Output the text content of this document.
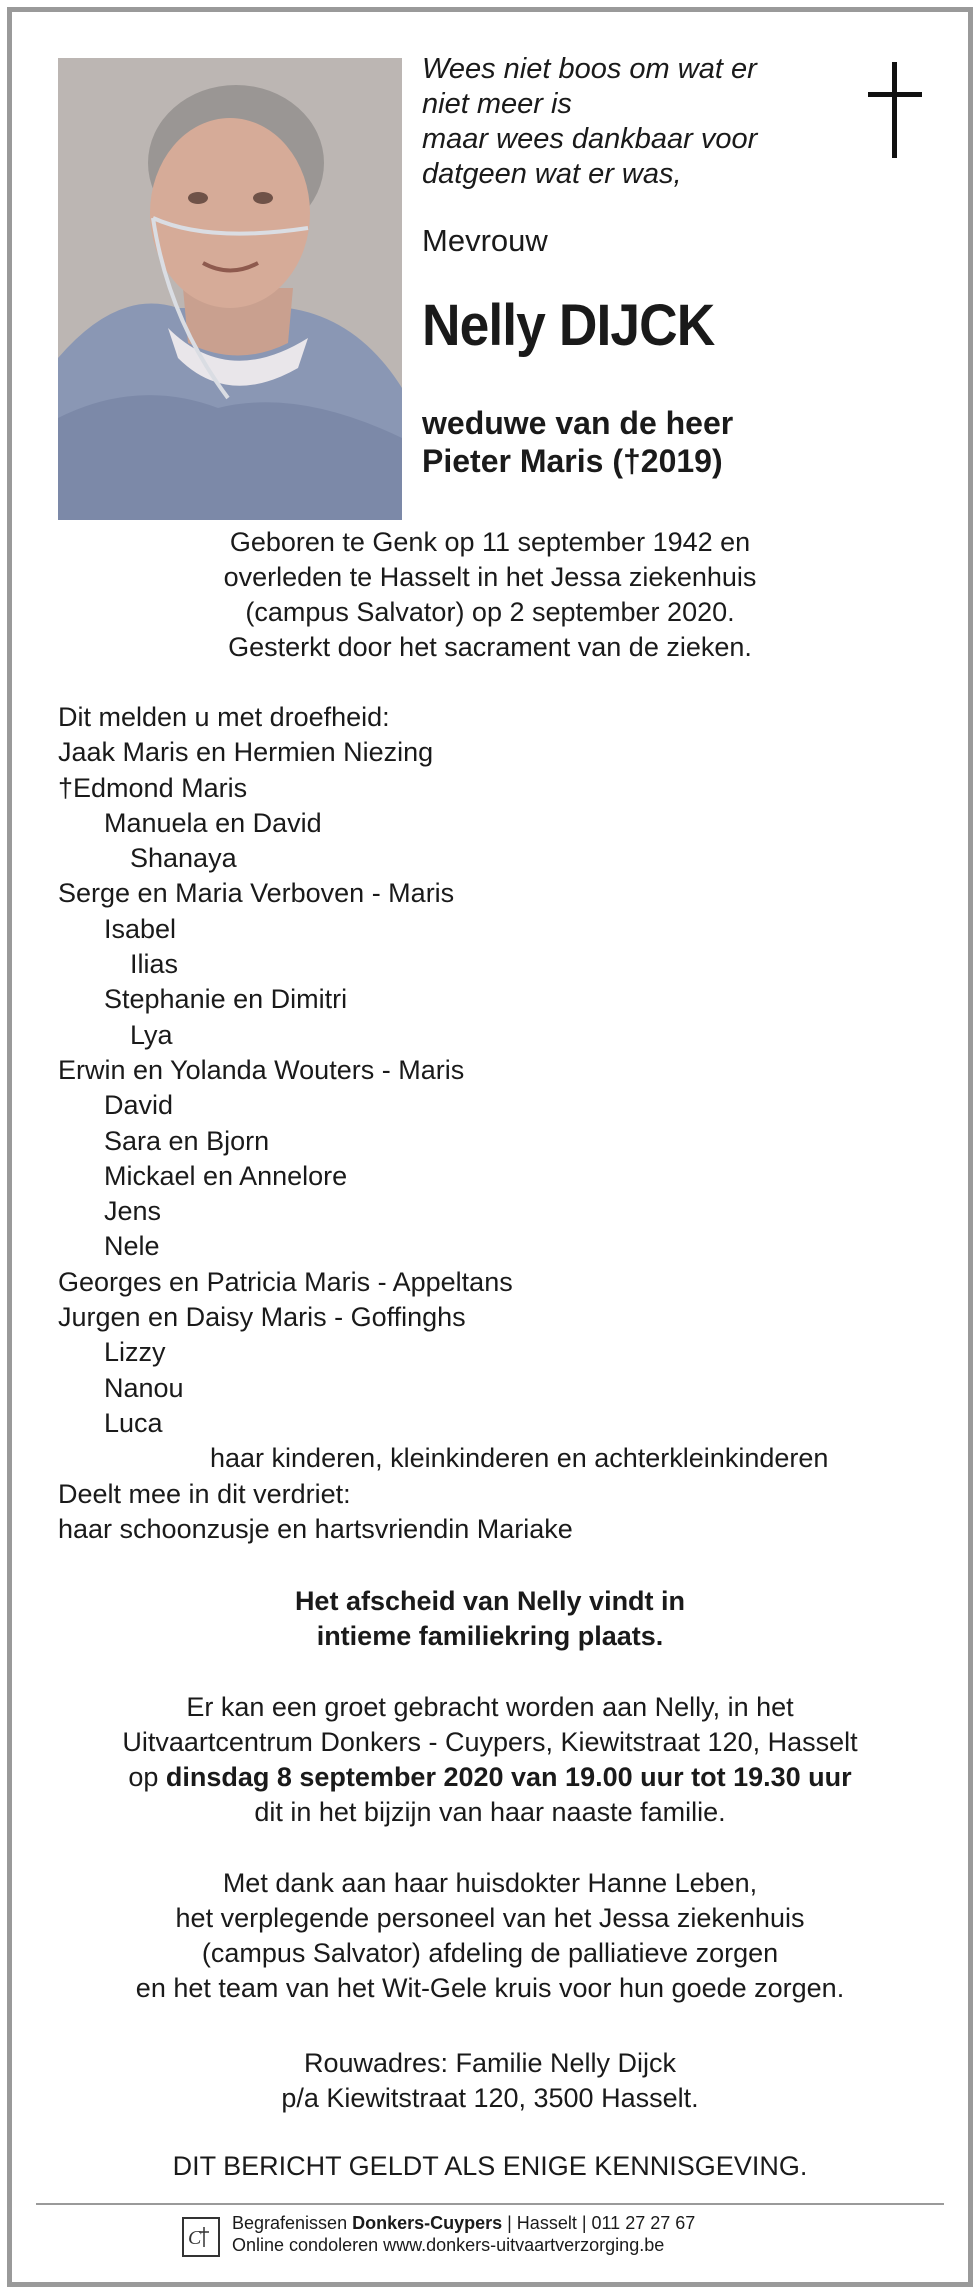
Wees niet boos om wat er
niet meer is
maar wees dankbaar voor
datgeen wat er was,
Mevrouw
Nelly DIJCK
weduwe van de heer
Pieter Maris (†2019)
Geboren te Genk op 11 september 1942 en
overleden te Hasselt in het Jessa ziekenhuis
(campus Salvator) op 2 september 2020.
Gesterkt door het sacrament van de zieken.
Dit melden u met droefheid:
Jaak Maris en Hermien Niezing
†Edmond Maris
Manuela en David
Shanaya
Serge en Maria Verboven - Maris
Isabel
Ilias
Stephanie en Dimitri
Lya
Erwin en Yolanda Wouters - Maris
David
Sara en Bjorn
Mickael en Annelore
Jens
Nele
Georges en Patricia Maris - Appeltans
Jurgen en Daisy Maris - Goffinghs
Lizzy
Nanou
Luca
haar kinderen, kleinkinderen en achterkleinkinderen
Deelt mee in dit verdriet:
haar schoonzusje en hartsvriendin Mariake
Het afscheid van Nelly vindt in
intieme familiekring plaats.
Er kan een groet gebracht worden aan Nelly, in het
Uitvaartcentrum Donkers - Cuypers, Kiewitstraat 120, Hasselt
op dinsdag 8 september 2020 van 19.00 uur tot 19.30 uur
dit in het bijzijn van haar naaste familie.
Met dank aan haar huisdokter Hanne Leben,
het verplegende personeel van het Jessa ziekenhuis
(campus Salvator) afdeling de palliatieve zorgen
en het team van het Wit-Gele kruis voor hun goede zorgen.
Rouwadres: Familie Nelly Dijck
p/a Kiewitstraat 120, 3500 Hasselt.
DIT BERICHT GELDT ALS ENIGE KENNISGEVING.
C
Begrafenissen Donkers-Cuypers | Hasselt | 011 27 27 67
Online condoleren www.donkers-uitvaartverzorging.be
